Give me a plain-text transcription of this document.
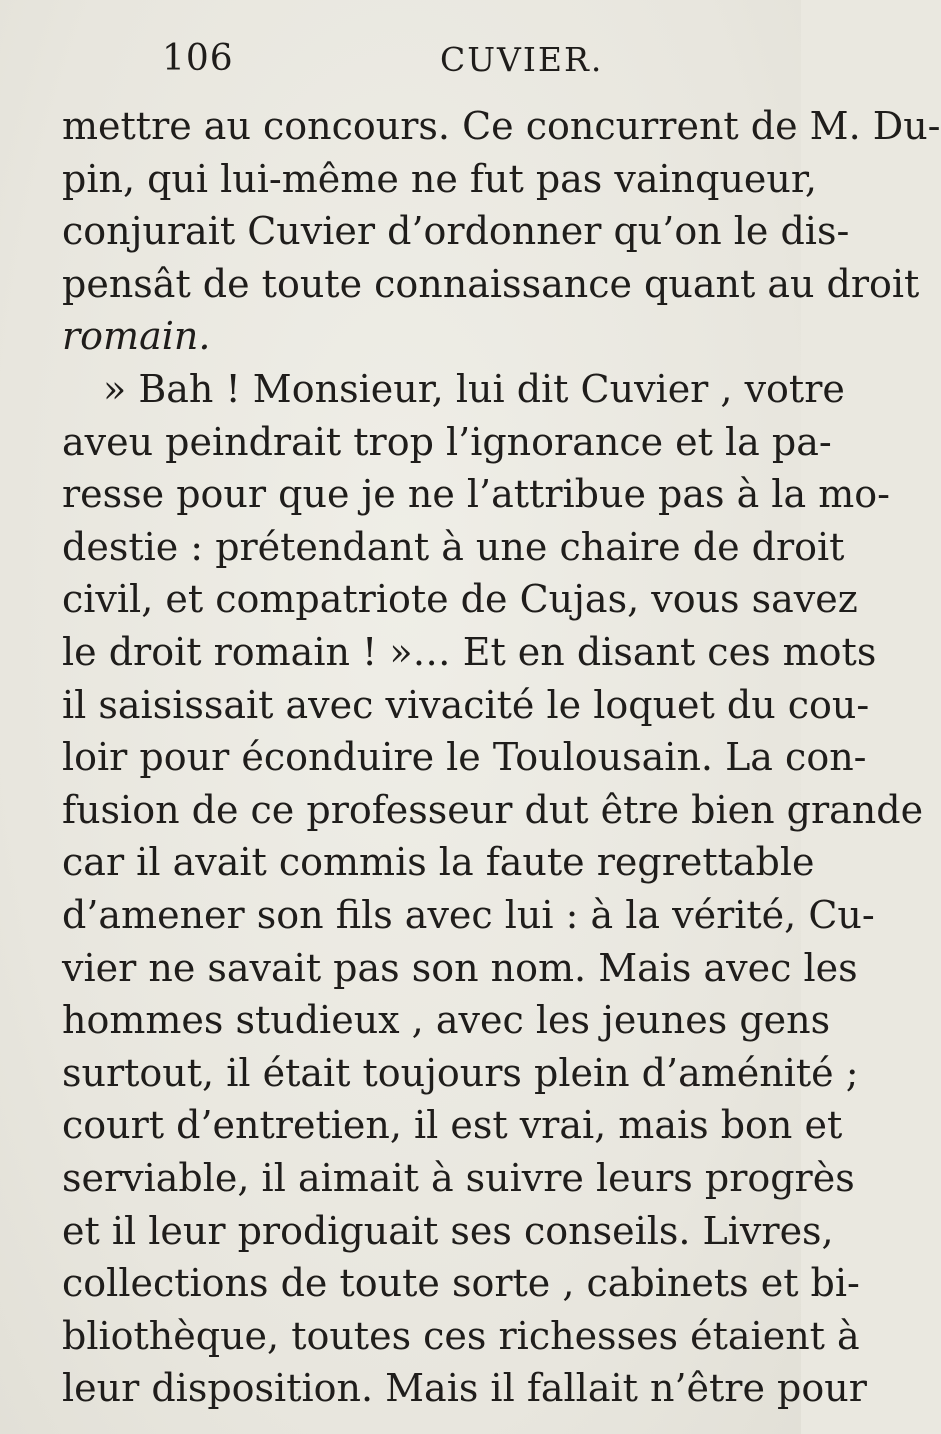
106	CUVIER.
mettre au concours. Ce concurrent de M. Du-
pin, qui lui-même ne fut pas vainqueur,
conjurait Cuvier d’ordonner qu’on le dis-
pensât de toute connaissance quant au droit
romain.
» Bah ! Monsieur, lui dit Cuvier , votre
aveu peindrait trop l’ignorance et la pa-
resse pour que je ne l’attribue pas à la mo-
destie : prétendant à une chaire de droit
civil, et compatriote de Cujas, vous savez
le droit romain ! »… Et en disant ces mots
il saisissait avec vivacité le loquet du cou-
loir pour éconduire le Toulousain. La con-
fusion de ce professeur dut être bien grande
car il avait commis la faute regrettable
d’amener son fils avec lui : à la vérité, Cu-
vier ne savait pas son nom. Mais avec les
hommes studieux , avec les jeunes gens
surtout, il était toujours plein d’aménité ;
court d’entretien, il est vrai, mais bon et
serviable, il aimait à suivre leurs progrès
et il leur prodiguait ses conseils. Livres,
collections de toute sorte , cabinets et bi-
bliothèque, toutes ces richesses étaient à
leur disposition. Mais il fallait n’être pour
